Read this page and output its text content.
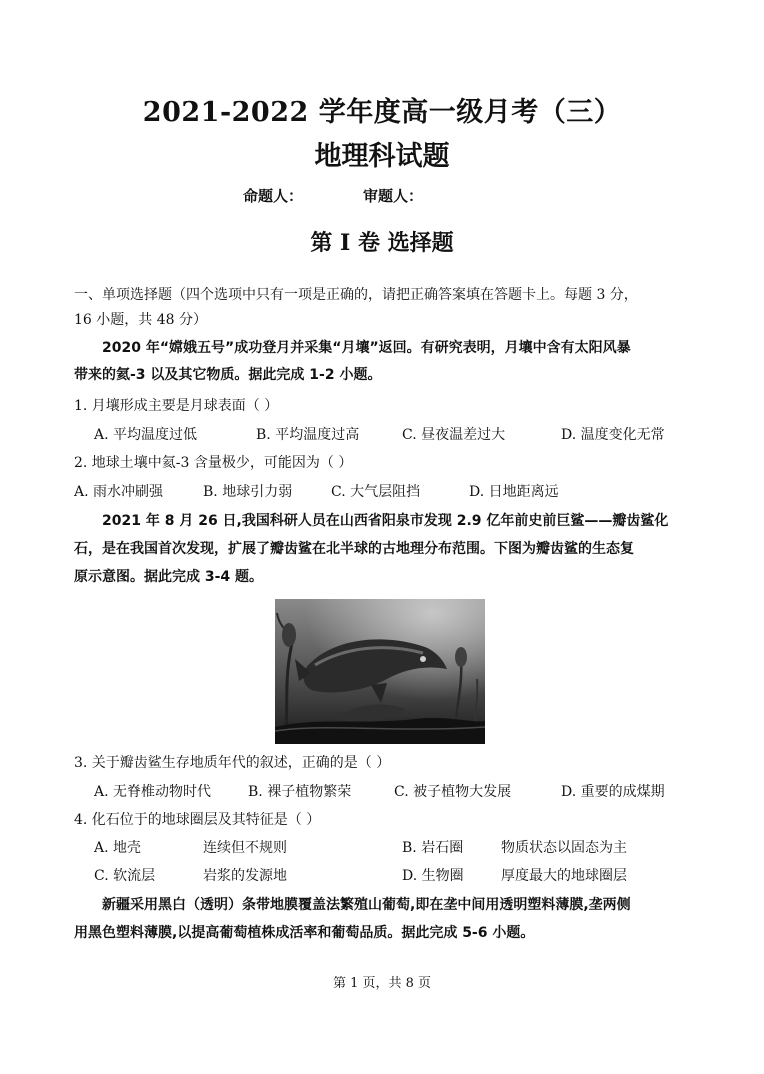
2021-2022 学年度高一级月考（三）
地理科试题
命题人：	审题人：
第 I 卷 选择题
一、单项选择题（四个选项中只有一项是正确的，请把正确答案填在答题卡上。每题 3 分，
16 小题，共 48 分）
2020 年“嫦娥五号”成功登月并采集“月壤”返回。有研究表明，月壤中含有太阳风暴
带来的氦-3 以及其它物质。据此完成 1-2 小题。
1. 月壤形成主要是月球表面（ ）
A. 平均温度过低	B. 平均温度过高	C. 昼夜温差过大	D. 温度变化无常
2. 地球土壤中氦-3 含量极少，可能因为（ ）
A. 雨水冲刷强	B. 地球引力弱	C. 大气层阻挡	D. 日地距离远
2021 年 8 月 26 日,我国科研人员在山西省阳泉市发现 2.9 亿年前史前巨鲨——瓣齿鲨化
石，是在我国首次发现，扩展了瓣齿鲨在北半球的古地理分布范围。下图为瓣齿鲨的生态复
原示意图。据此完成 3-4 题。
3. 关于瓣齿鲨生存地质年代的叙述，正确的是（ ）
A. 无脊椎动物时代	B. 裸子植物繁荣	C. 被子植物大发展	D. 重要的成煤期
4. 化石位于的地球圈层及其特征是（ ）
A. 地壳	连续但不规则	B. 岩石圈	物质状态以固态为主
C. 软流层	岩浆的发源地	D. 生物圈	厚度最大的地球圈层
新疆采用黑白（透明）条带地膜覆盖法繁殖山葡萄,即在垄中间用透明塑料薄膜,垄两侧
用黑色塑料薄膜,以提高葡萄植株成活率和葡萄品质。据此完成 5-6 小题。
第 1 页，共 8 页
